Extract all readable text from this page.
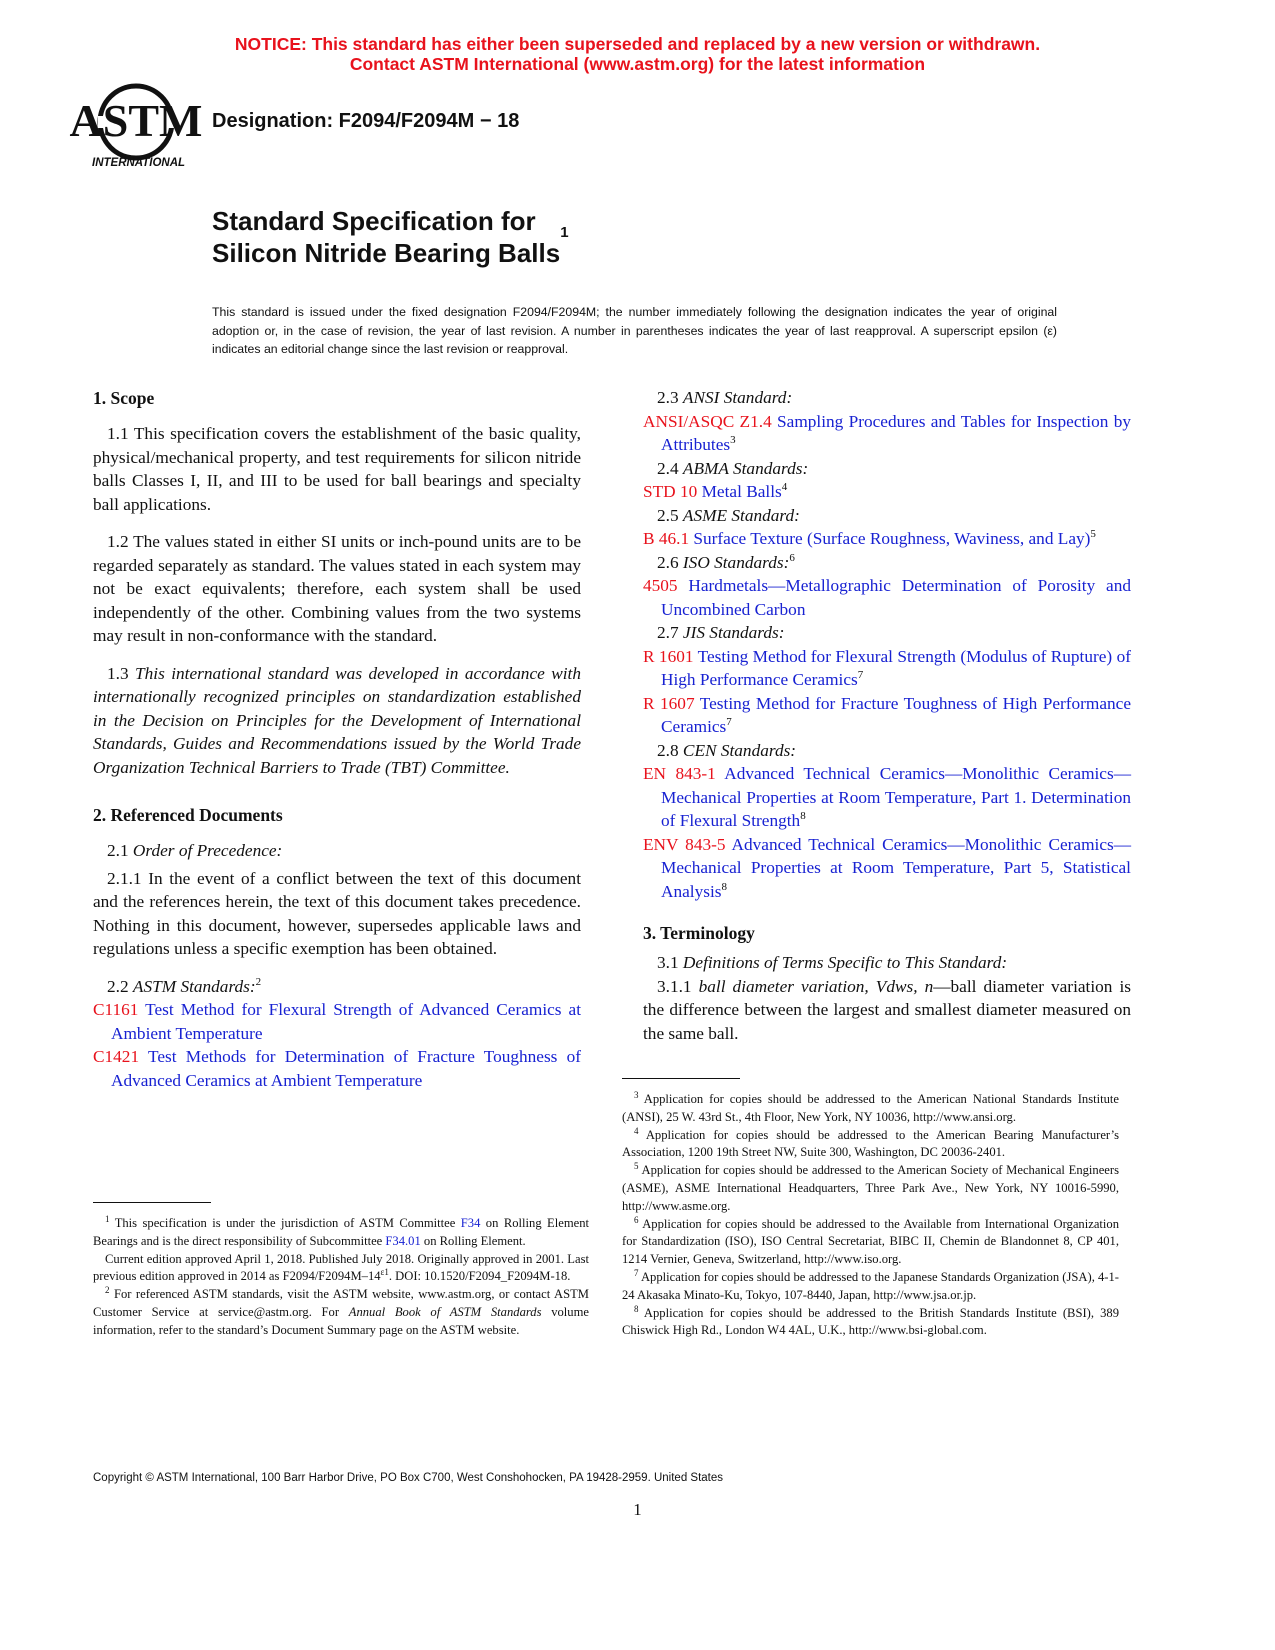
NOTICE: This standard has either been superseded and replaced by a new version or withdrawn.
Contact ASTM International (www.astm.org) for the latest information
ASTM
INTERNATIONAL
Designation: F2094/F2094M − 18
Standard Specification for
Silicon Nitride Bearing Balls$^1$
This standard is issued under the fixed designation F2094/F2094M; the number immediately following the designation indicates the year of original adoption or, in the case of revision, the year of last revision. A number in parentheses indicates the year of last reapproval. A superscript epsilon (ε) indicates an editorial change since the last revision or reapproval.
1. Scope

1.1 This specification covers the establishment of the basic quality, physical/mechanical property, and test requirements for silicon nitride balls Classes I, II, and III to be used for ball bearings and specialty ball applications.

1.2 The values stated in either SI units or inch-pound units are to be regarded separately as standard. The values stated in each system may not be exact equivalents; therefore, each system shall be used independently of the other. Combining values from the two systems may result in non-conformance with the standard.

1.3 This international standard was developed in accordance with internationally recognized principles on standardization established in the Decision on Principles for the Development of International Standards, Guides and Recommendations issued by the World Trade Organization Technical Barriers to Trade (TBT) Committee.

2. Referenced Documents

2.1 Order of Precedence:

2.1.1 In the event of a conflict between the text of this document and the references herein, the text of this document takes precedence. Nothing in this document, however, supersedes applicable laws and regulations unless a specific exemption has been obtained.

2.2 ASTM Standards:$^2$

C1161 Test Method for Flexural Strength of Advanced Ceramics at Ambient Temperature

C1421 Test Methods for Determination of Fracture Toughness of Advanced Ceramics at Ambient Temperature

$^1$ This specification is under the jurisdiction of ASTM Committee F34 on Rolling Element Bearings and is the direct responsibility of Subcommittee F34.01 on Rolling Element.

Current edition approved April 1, 2018. Published July 2018. Originally approved in 2001. Last previous edition approved in 2014 as $F2094/F2094M-14^{\varepsilon 1}$. DOI: 10.1520/F2094_F2094M-18.

$^2$ For referenced ASTM standards, visit the ASTM website, www.astm.org, or contact ASTM Customer Service at service@astm.org. For Annual Book of ASTM Standards volume information, refer to the standard’s Document Summary page on the ASTM website.

2.3 ANSI Standard:

ANSI/ASQC Z1.4 Sampling Procedures and Tables for Inspection by Attributes$^3$

2.4 ABMA Standards:

STD 10 Metal Balls$^4$

2.5 ASME Standard:

B 46.1 Surface Texture (Surface Roughness, Waviness, and Lay)$^5$

2.6 ISO Standards:$^6$

4505 Hardmetals—Metallographic Determination of Porosity and Uncombined Carbon

2.7 JIS Standards:

R 1601 Testing Method for Flexural Strength (Modulus of Rupture) of High Performance Ceramics$^7$

R 1607 Testing Method for Fracture Toughness of High Performance Ceramics$^7$

2.8 CEN Standards:

EN 843-1 Advanced Technical Ceramics—Monolithic Ceramics—Mechanical Properties at Room Temperature, Part 1. Determination of Flexural Strength$^8$

ENV 843-5 Advanced Technical Ceramics—Monolithic Ceramics—Mechanical Properties at Room Temperature, Part 5, Statistical Analysis$^8$

3. Terminology

3.1 Definitions of Terms Specific to This Standard:

3.1.1 ball diameter variation, Vdws, n—ball diameter variation is the difference between the largest and smallest diameter measured on the same ball.

$^3$ Application for copies should be addressed to the American National Standards Institute (ANSI), 25 W. 43rd St., 4th Floor, New York, NY 10036, http://www.ansi.org.

$^4$ Application for copies should be addressed to the American Bearing Manufacturer’s Association, 1200 19th Street NW, Suite 300, Washington, DC 20036-2401.

$^5$ Application for copies should be addressed to the American Society of Mechanical Engineers (ASME), ASME International Headquarters, Three Park Ave., New York, NY 10016-5990, http://www.asme.org.

$^6$ Application for copies should be addressed to the Available from International Organization for Standardization (ISO), ISO Central Secretariat, BIBC II, Chemin de Blandonnet 8, CP 401, 1214 Vernier, Geneva, Switzerland, http://www.iso.org.

$^7$ Application for copies should be addressed to the Japanese Standards Organization (JSA), 4-1-24 Akasaka Minato-Ku, Tokyo, 107-8440, Japan, http://www.jsa.or.jp.

$^8$ Application for copies should be addressed to the British Standards Institute (BSI), 389 Chiswick High Rd., London W4 4AL, U.K., http://www.bsi-global.com.

Copyright © ASTM International, 100 Barr Harbor Drive, PO Box C700, West Conshohocken, PA 19428-2959. United States
1
